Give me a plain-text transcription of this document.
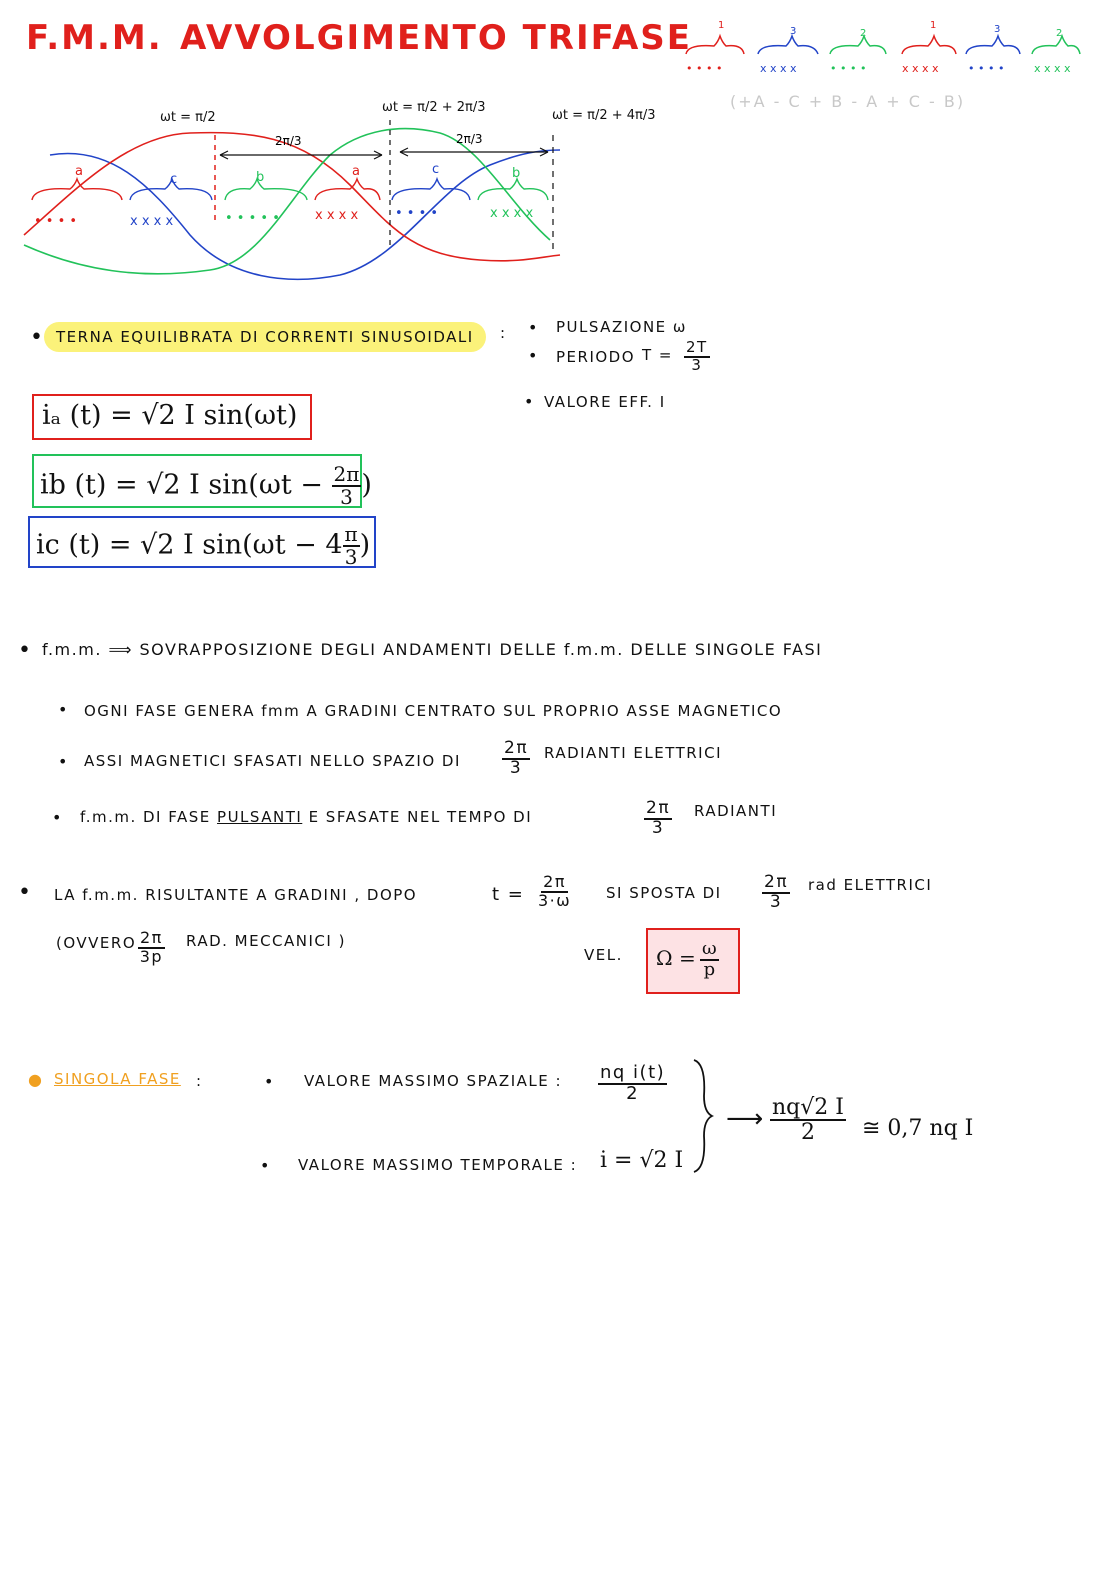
F.M.M. AVVOLGIMENTO TRIFASE	1
3	2
1	3	2
• • • •	x x x x	• • • •	x x x x	• • • •	x x x x
(+A - C + B - A + C - B)
2π/3	2π/3
a
c	b	a	c	b
• • • •	x x x x	• • • • •	x x x x	• • • •	x x x x
ωt = π/2
ωt = π/2 + 2π/3
ωt = π/2 + 4π/3
• TERNA EQUILIBRATA DI CORRENTI SINUSOIDALI	: • PULSAZIONE ω
• PERIODO $T = \frac{2T}{3}$
• VALORE EFF. I
iₐ (t) = √2 I sin(ωt)
ib (t) = √2 I $\sin(\omega t - \frac{2\pi}{3}$ )
ic (t) = √2 I $\sin(\omega t - 4 \frac{\pi}{3}$ )
• f.m.m. ⟹ SOVRAPPOSIZIONE DEGLI ANDAMENTI DELLE f.m.m. DELLE SINGOLE FASI
• OGNI FASE GENERA fmm A GRADINI CENTRATO SUL PROPRIO ASSE MAGNETICO
• ASSI MAGNETICI SFASATI NELLO SPAZIO DI $\frac{2\pi}{3}$ RADIANTI ELETTRICI
• f.m.m. DI FASE PULSANTI E SFASATE NEL TEMPO DI	$\frac{2\pi}{3}$ RADIANTI
• LA f.m.m. RISULTANTE A GRADINI , DOPO	$t = \frac{2\pi}{3\cdot\omega}$ SI SPOSTA DI $\frac{2\pi}{3}$ rad ELETTRICI
(OVVERO $\frac{2\pi}{3p}$ RAD. MECCANICI )
VEL. $\Omega = \frac{\omega}{p}$
● SINGOLA FASE :	• VALORE MASSIMO SPAZIALE : $\frac{\text{nq i(t)}}{2}$
• VALORE MASSIMO TEMPORALE : i = √2 I
⟶ $\frac{nq√2 I}{2}$ ≅ 0,7 nq I
